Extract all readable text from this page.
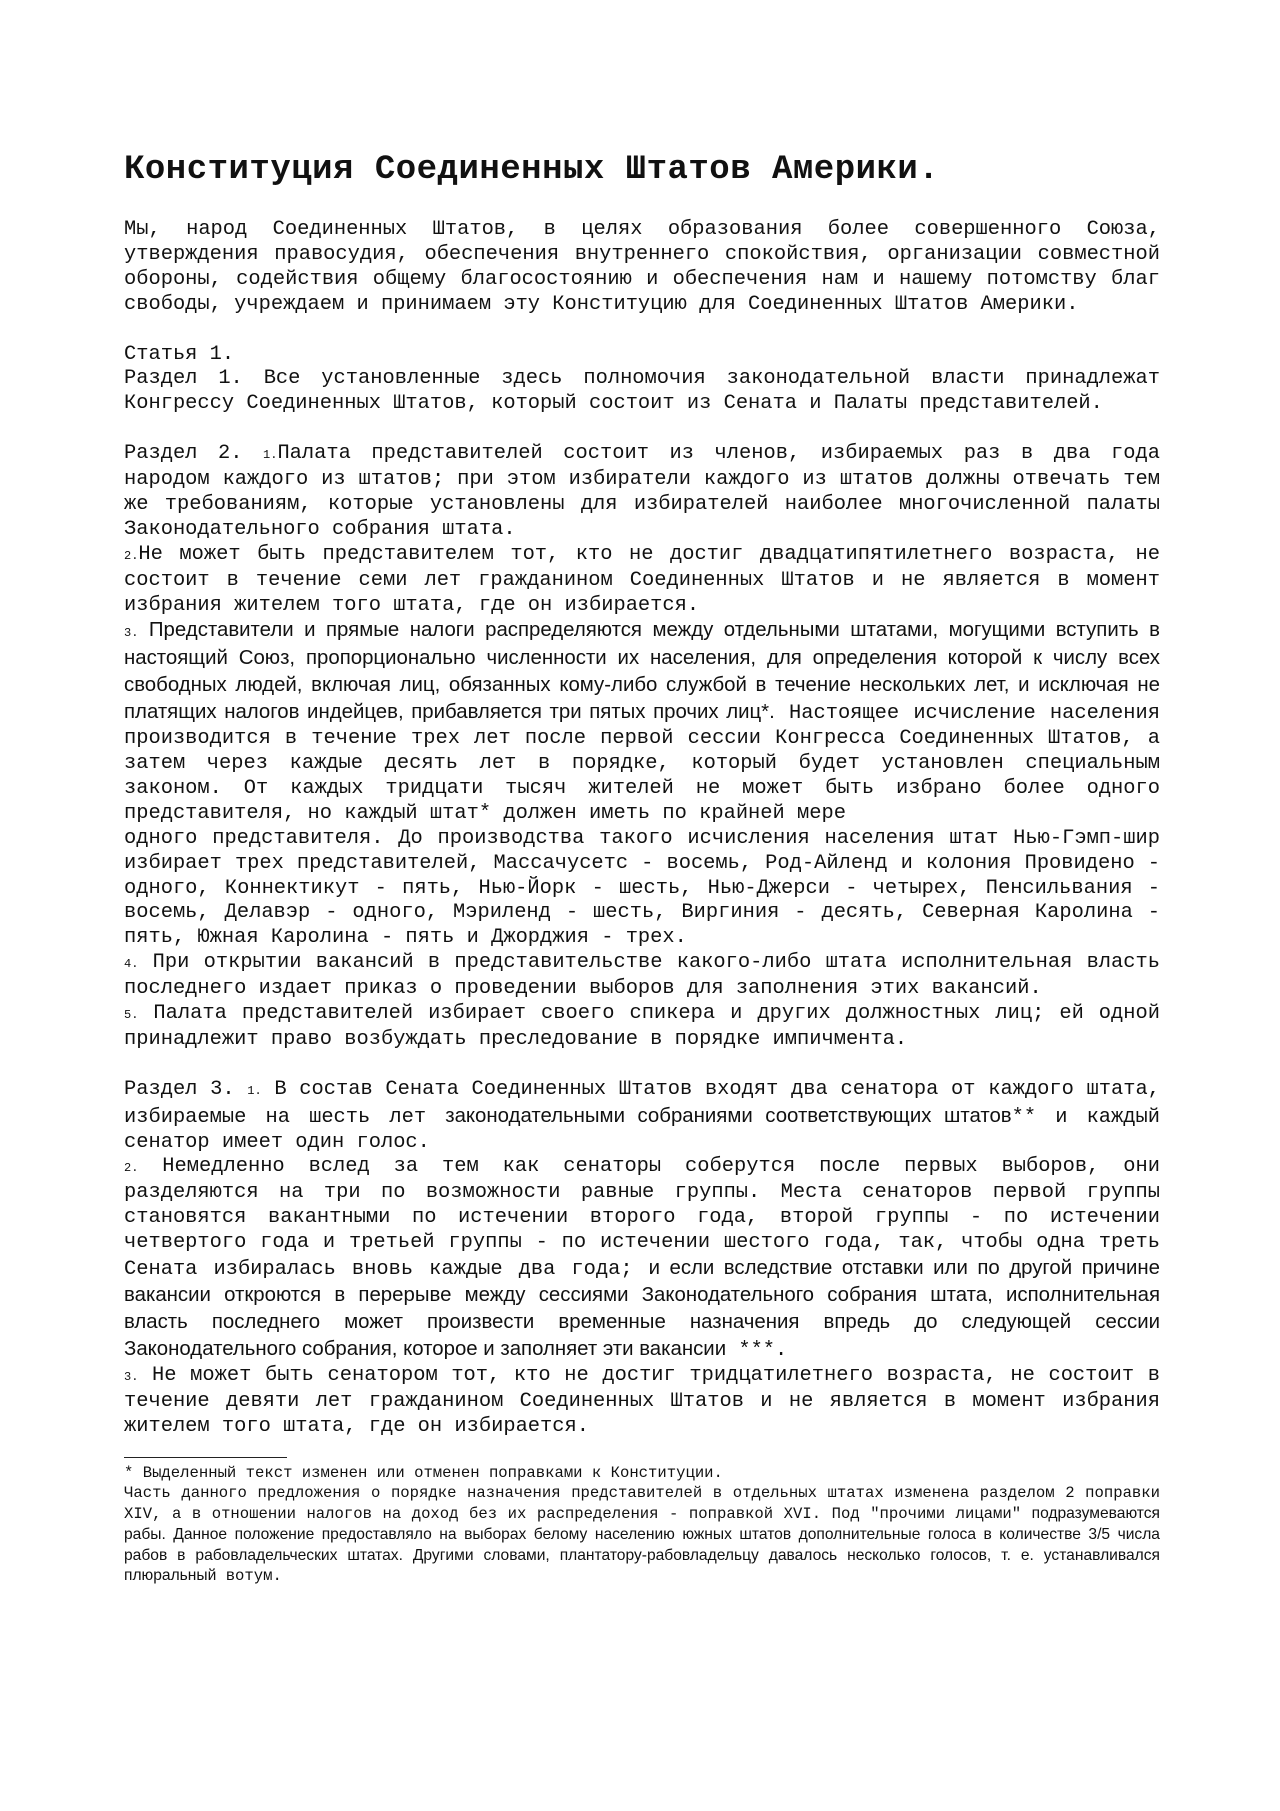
Конституция Соединенных Штатов Америки.

Мы, народ Соединенных Штатов, в целях образования более совершенного Союза, утверждения правосудия, обеспечения внутреннего спокойствия, организации совместной обороны, содействия общему благосостоянию и обеспечения нам и нашему потомству благ свободы, учреждаем и принимаем эту Конституцию для Соединенных Штатов Америки.

Статья 1.

Раздел 1. Все установленные здесь полномочия законодательной власти принадлежат Конгрессу Соединенных Штатов, который состоит из Сената и Палаты представителей.

Раздел 2. 1.Палата представителей состоит из членов, избираемых раз в два года народом каждого из штатов; при этом избиратели каждого из штатов должны отвечать тем же требованиям, которые установлены для избирателей наиболее многочисленной палаты Законодательного собрания штата.

2.Не может быть представителем тот, кто не достиг двадцатипятилетнего возраста, не состоит в течение семи лет гражданином Соединенных Штатов и не является в момент избрания жителем того штата, где он избирается.

3. Представители и прямые налоги распределяются между отдельными штатами, могущими вступить в настоящий Союз, пропорционально численности их населения, для определения которой к числу всех свободных людей, включая лиц, обязанных кому-либо службой в течение нескольких лет, и исключая не платящих налогов индейцев, прибавляется три пятых прочих лиц*. Настоящее исчисление населения производится в течение трех лет после первой сессии Конгресса Соединенных Штатов, а затем через каждые десять лет в порядке, который будет установлен специальным законом. От каждых тридцати тысяч жителей не может быть избрано более одного представителя, но каждый штат* должен иметь по крайней мере

одного представителя. До производства такого исчисления населения штат Нью-Гэмп-шир избирает трех представителей, Массачусетс - восемь, Род-Айленд и колония Провидено - одного, Коннектикут - пять, Нью-Йорк - шесть, Нью-Джерси - четырех, Пенсильвания - восемь, Делавэр - одного, Мэриленд - шесть, Виргиния - десять, Северная Каролина - пять, Южная Каролина - пять и Джорджия - трех.

4. При открытии вакансий в представительстве какого-либо штата исполнительная власть последнего издает приказ о проведении выборов для заполнения этих вакансий.

5. Палата представителей избирает своего спикера и других должностных лиц; ей одной принадлежит право возбуждать преследование в порядке импичмента.

Раздел 3. 1. В состав Сената Соединенных Штатов входят два сенатора от каждого штата, избираемые на шесть лет законодательными собраниями соответствующих штатов** и каждый сенатор имеет один голос.

2. Немедленно вслед за тем как сенаторы соберутся после первых выборов, они разделяются на три по возможности равные группы. Места сенаторов первой группы становятся вакантными по истечении второго года, второй группы - по истечении четвертого года и третьей группы - по истечении шестого года, так, чтобы одна треть Сената избиралась вновь каждые два года; и если вследствие отставки или по другой причине вакансии откроются в перерыве между сессиями Законодательного собрания штата, исполнительная власть последнего может произвести временные назначения впредь до следующей сессии Законодательного собрания, которое и заполняет эти вакансии ***.

3. Не может быть сенатором тот, кто не достиг тридцатилетнего возраста, не состоит в течение девяти лет гражданином Соединенных Штатов и не является в момент избрания жителем того штата, где он избирается.

* Выделенный текст изменен или отменен поправками к Конституции.

Часть данного предложения о порядке назначения представителей в отдельных штатах изменена разделом 2 поправки XIV, а в отношении налогов на доход без их распределения - поправкой XVI. Под "прочими лицами" подразумеваются рабы. Данное положение предоставляло на выборах белому населению южных штатов дополнительные голоса в количестве 3/5 числа рабов в рабовладельческих штатах. Другими словами, плантатору-рабовладельцу давалось несколько голосов, т. е. устанавливался плюральный вотум.
